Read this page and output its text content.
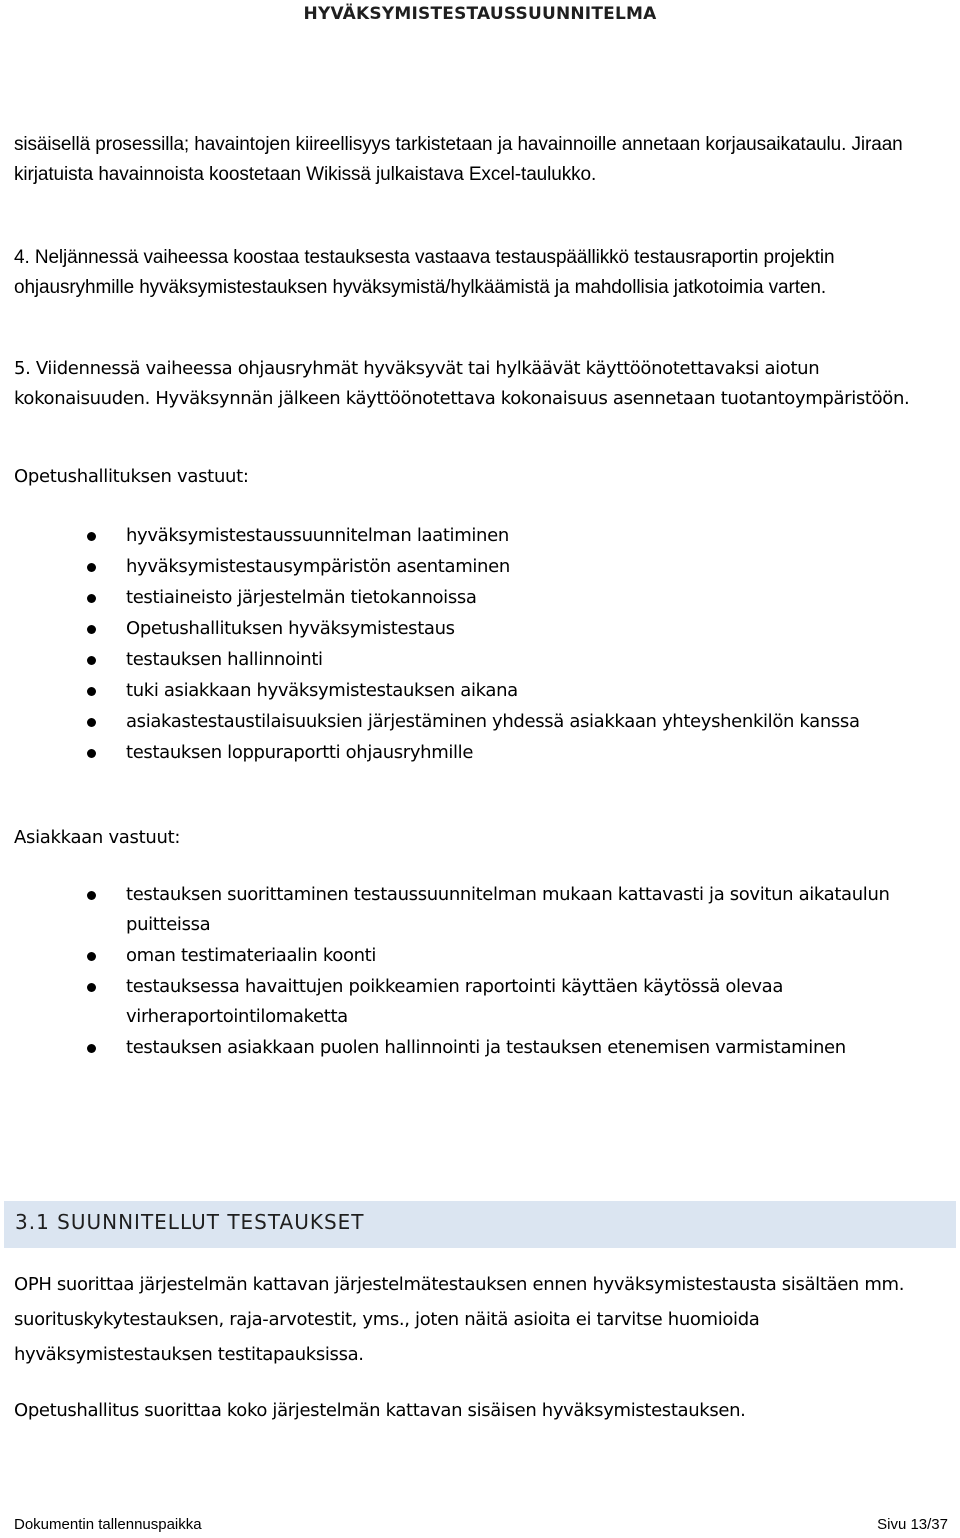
HYVÄKSYMISTESTAUSSUUNNITELMA

sisäisellä prosessilla; havaintojen kiireellisyys tarkistetaan ja havainnoille annetaan korjausaikataulu. Jiraan kirjatuista havainnoista koostetaan Wikissä julkaistava Excel-taulukko.

4. Neljännessä vaiheessa koostaa testauksesta vastaava testauspäällikkö testausraportin projektin ohjausryhmille hyväksymistestauksen hyväksymistä/hylkäämistä ja mahdollisia jatkotoimia varten.

5. Viidennessä vaiheessa ohjausryhmät hyväksyvät tai hylkäävät käyttöönotettavaksi aiotun kokonaisuuden. Hyväksynnän jälkeen käyttöönotettava kokonaisuus asennetaan tuotantoympäristöön.

Opetushallituksen vastuut:

hyväksymistestaussuunnitelman laatiminen
hyväksymistestausympäristön asentaminen
testiaineisto järjestelmän tietokannoissa
Opetushallituksen hyväksymistestaus
testauksen hallinnointi
tuki asiakkaan hyväksymistestauksen aikana
asiakastestaustilaisuuksien järjestäminen yhdessä asiakkaan yhteyshenkilön kanssa
testauksen loppuraportti ohjausryhmille

Asiakkaan vastuut:

testauksen suorittaminen testaussuunnitelman mukaan kattavasti ja sovitun aikataulun puitteissa
oman testimateriaalin koonti
testauksessa havaittujen poikkeamien raportointi käyttäen käytössä olevaa virheraportointilomaketta
testauksen asiakkaan puolen hallinnointi ja testauksen etenemisen varmistaminen
3.1 SUUNNITELLUT TESTAUKSET

OPH suorittaa järjestelmän kattavan järjestelmätestauksen ennen hyväksymistestausta sisältäen mm. suorituskykytestauksen, raja-arvotestit, yms., joten näitä asioita ei tarvitse huomioida hyväksymistestauksen testitapauksissa.

Opetushallitus suorittaa koko järjestelmän kattavan sisäisen hyväksymistestauksen.

Dokumentin tallennuspaikka	Sivu 13/37
